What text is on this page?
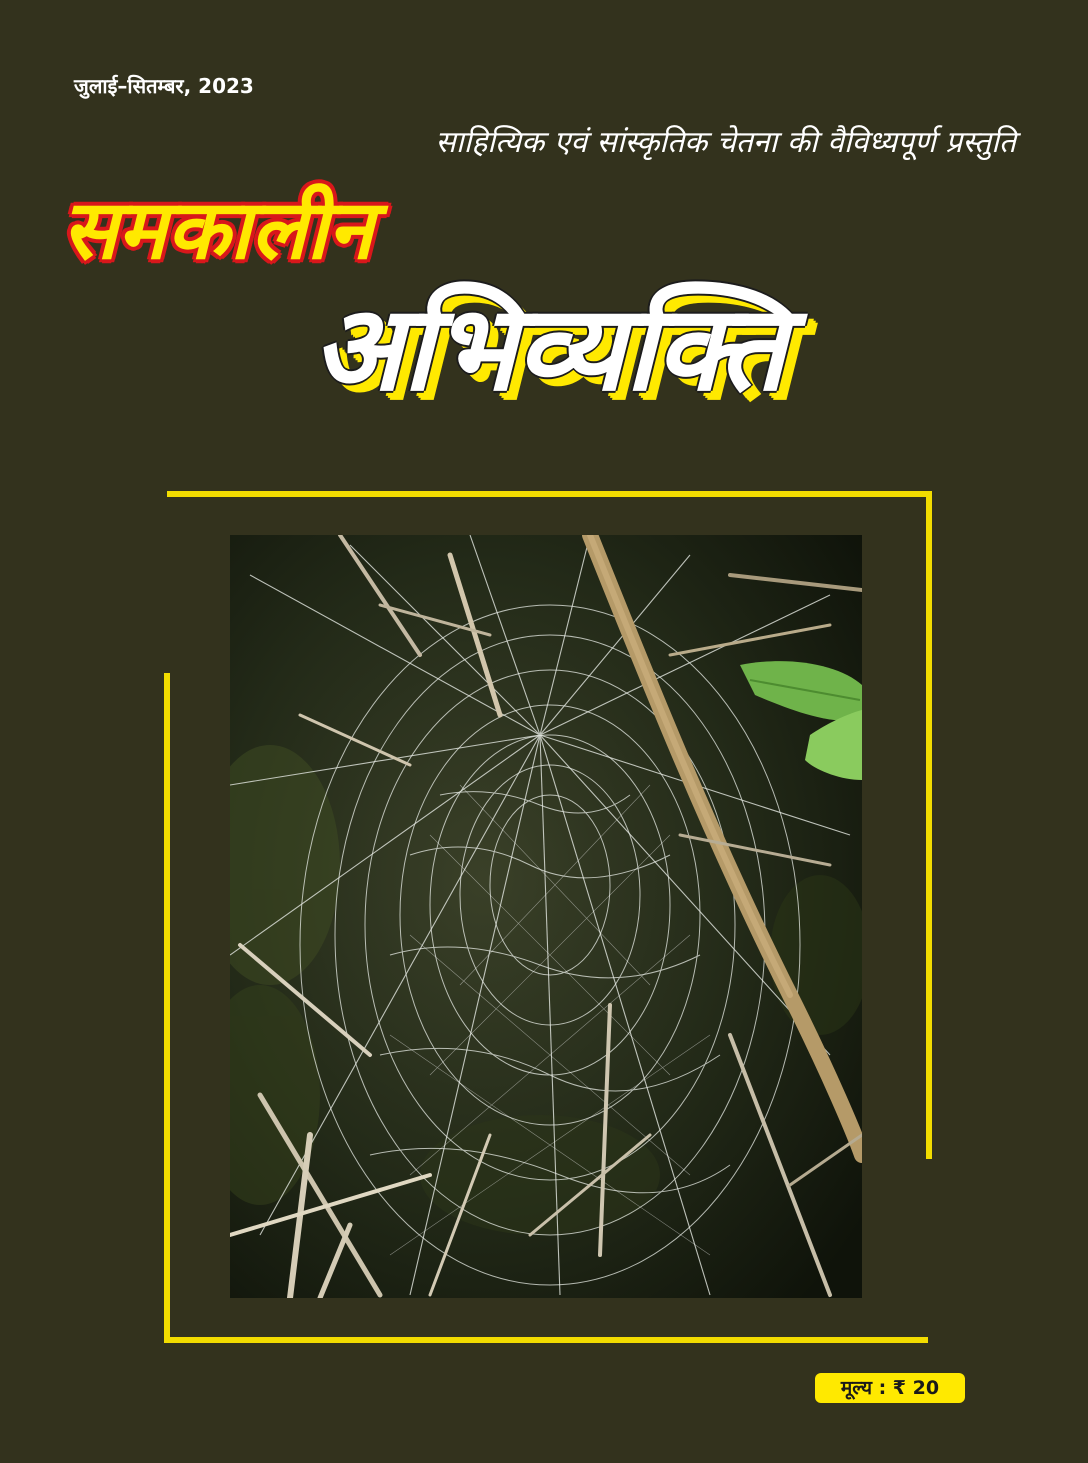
जुलाई–सितम्बर, 2023
साहित्यिक एवं सांस्कृतिक चेतना की वैविध्यपूर्ण प्रस्तुति
समकालीन
अभिव्यक्ति
मूल्य : ₹ 20
